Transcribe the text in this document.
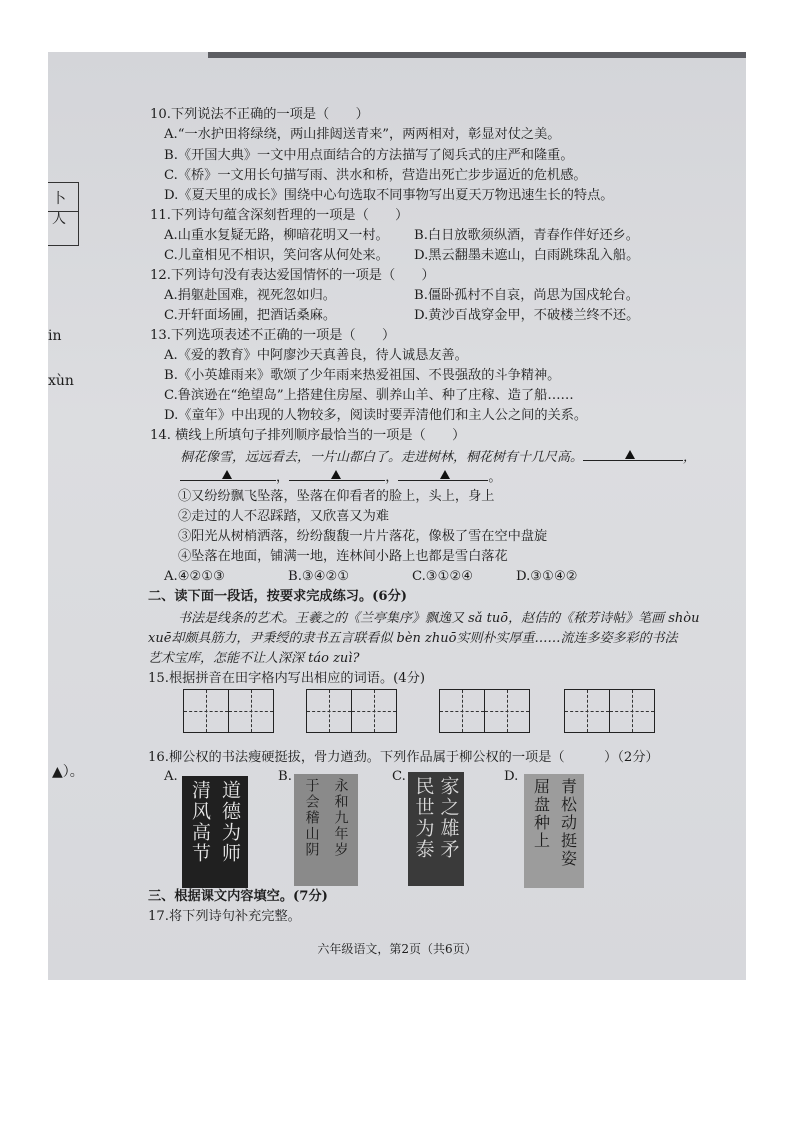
卜人
in
xùn
▲）。
10.下列说法不正确的一项是（　　）
A.“一水护田将绿绕，两山排闼送青来”，两两相对，彰显对仗之美。
B.《开国大典》一文中用点面结合的方法描写了阅兵式的庄严和隆重。
C.《桥》一文用长句描写雨、洪水和桥，营造出死亡步步逼近的危机感。
D.《夏天里的成长》围绕中心句选取不同事物写出夏天万物迅速生长的特点。
11.下列诗句蕴含深刻哲理的一项是（　　）
A.山重水复疑无路，柳暗花明又一村。 B.白日放歌须纵酒，青春作伴好还乡。
C.儿童相见不相识，笑问客从何处来。 D.黑云翻墨未遮山，白雨跳珠乱入船。
12.下列诗句没有表达爱国情怀的一项是（　　）
A.捐躯赴国难，视死忽如归。	B.僵卧孤村不自哀，尚思为国戍轮台。
C.开轩面场圃，把酒话桑麻。	D.黄沙百战穿金甲，不破楼兰终不还。
13.下列选项表述不正确的一项是（　　）
A.《爱的教育》中阿廖沙天真善良，待人诚恳友善。
B.《小英雄雨来》歌颂了少年雨来热爱祖国、不畏强敌的斗争精神。
C.鲁滨逊在“绝望岛”上搭建住房屋、驯养山羊、种了庄稼、造了船……
D.《童年》中出现的人物较多，阅读时要弄清他们和主人公之间的关系。
14. 横线上所填句子排列顺序最恰当的一项是（　　）
桐花像雪，远远看去，一片山都白了。走进树林，桐花树有十几尺高。	，
，	，	。
①又纷纷飘飞坠落，坠落在仰看者的脸上，头上，身上
②走过的人不忍踩踏，又欣喜又为难
③阳光从树梢洒落，纷纷馥馥一片片落花，像极了雪在空中盘旋
④坠落在地面，铺满一地，连林间小路上也都是雪白落花
A.④②①③	B.③④②①	C.③①②④	D.③①④②
二、读下面一段话，按要求完成练习。(6分)
书法是线条的艺术。王羲之的《兰亭集序》飘逸又 sǎ tuō，赵佶的《秾芳诗帖》笔画 shòu
xuē却颇具筋力，尹秉绶的隶书五言联看似 bèn zhuō实则朴实厚重……流连多姿多彩的书法
艺术宝库，怎能不让人深深 táo zuì?
15.根据拼音在田字格内写出相应的词语。(4分)
16.柳公权的书法瘦硬挺拔，骨力遒劲。下列作品属于柳公权的一项是（　　　）（2分）
A.
道德为师
清风高节
B.
永和九年岁
于会稽山阴
C. 家之雄矛
民世为泰	D.
青松动挺姿
屈盘种上
三、根据课文内容填空。(7分)
17.将下列诗句补充完整。
六年级语文，第2页（共6页）
